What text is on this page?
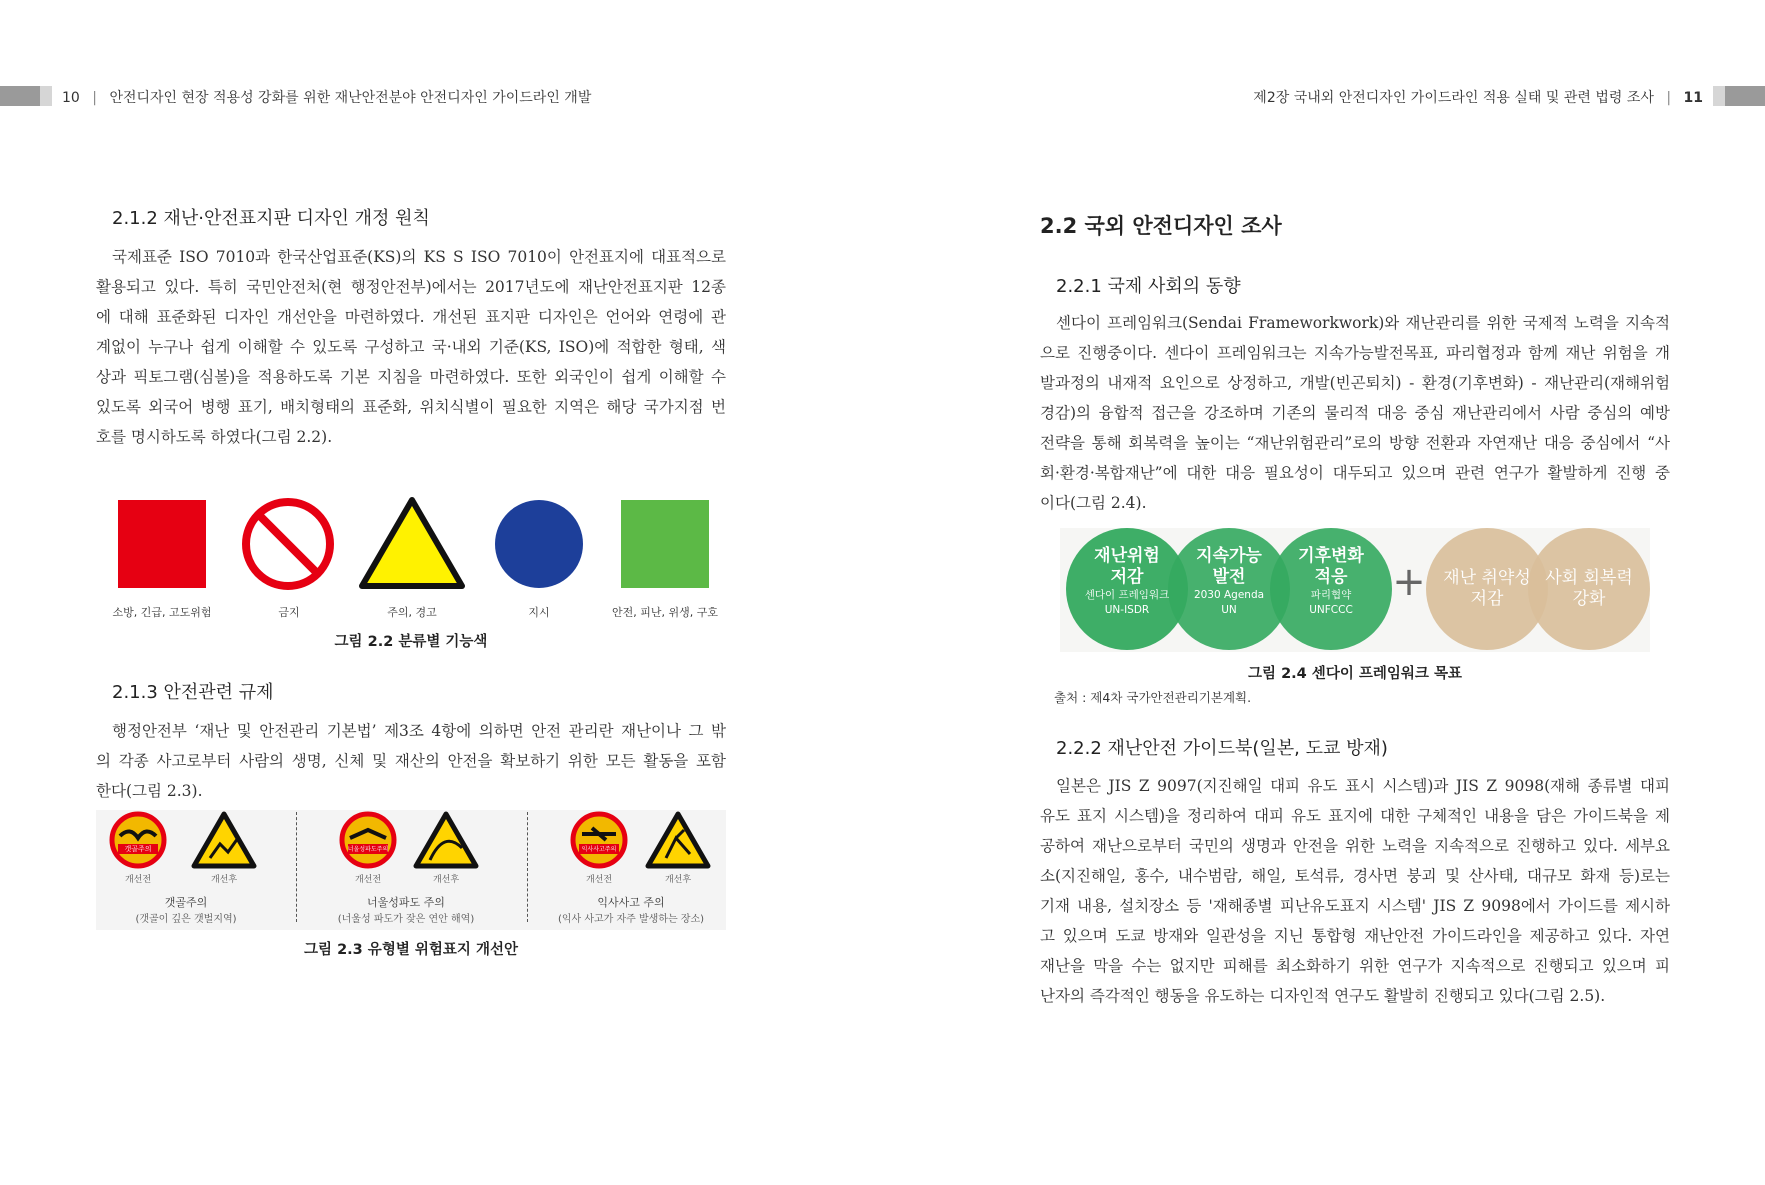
10 | 안전디자인 현장 적용성 강화를 위한 재난안전분야 안전디자인 가이드라인 개발	제2장 국내외 안전디자인 가이드라인 적용 실태 및 관련 법령 조사 | 11
2.1.2 재난·안전표지판 디자인 개정 원칙
국제표준 ISO 7010과 한국산업표준(KS)의 KS S ISO 7010이 안전표지에 대표적으로
활용되고 있다. 특히 국민안전처(현 행정안전부)에서는 2017년도에 재난안전표지판 12종
에 대해 표준화된 디자인 개선안을 마련하였다. 개선된 표지판 디자인은 언어와 연령에 관
계없이 누구나 쉽게 이해할 수 있도록 구성하고 국·내외 기준(KS, ISO)에 적합한 형태, 색
상과 픽토그램(심볼)을 적용하도록 기본 지침을 마련하였다. 또한 외국인이 쉽게 이해할 수
있도록 외국어 병행 표기, 배치형태의 표준화, 위치식별이 필요한 지역은 해당 국가지점 번
호를 명시하도록 하였다(그림 2.2).
소방, 긴급, 고도위험	금지	주의, 경고	지시	안전, 피난, 위생, 구호
그림 2.2 분류별 기능색
2.1.3 안전관련 규제
행정안전부 ‘재난 및 안전관리 기본법’ 제3조 4항에 의하면 안전 관리란 재난이나 그 밖
의 각종 사고로부터 사람의 생명, 신체 및 재산의 안전을 확보하기 위한 모든 활동을 포함
한다(그림 2.3).
갯골주의	너울성파도주의	익사사고주의
개선전	개선후	개선전	개선후	개선전	개선후
갯골주의
(갯골이 깊은 갯벌지역)
너울성파도 주의
(너울성 파도가 잦은 연안 해역)
익사사고 주의
(익사 사고가 자주 발생하는 장소)
그림 2.3 유형별 위험표지 개선안
2.2 국외 안전디자인 조사
2.2.1 국제 사회의 동향
센다이 프레임워크(Sendai Frameworkwork)와 재난관리를 위한 국제적 노력을 지속적
으로 진행중이다. 센다이 프레임워크는 지속가능발전목표, 파리협정과 함께 재난 위험을 개
발과정의 내재적 요인으로 상정하고, 개발(빈곤퇴치) - 환경(기후변화) - 재난관리(재해위험
경감)의 융합적 접근을 강조하며 기존의 물리적 대응 중심 재난관리에서 사람 중심의 예방
전략을 통해 회복력을 높이는 “재난위험관리”로의 방향 전환과 자연재난 대응 중심에서 “사
회·환경·복합재난”에 대한 대응 필요성이 대두되고 있으며 관련 연구가 활발하게 진행 중
이다(그림 2.4).
재난위험
저감
센다이 프레임워크
UN-ISDR
지속가능
발전
2030 Agenda
UN
기후변화
적응
파리협약
UNFCCC
+	재난 취약성
저감
사회 회복력
강화
그림 2.4 센다이 프레임워크 목표
출처 : 제4차 국가안전관리기본계획.
2.2.2 재난안전 가이드북(일본, 도쿄 방재)
일본은 JIS Z 9097(지진해일 대피 유도 표시 시스템)과 JIS Z 9098(재해 종류별 대피
유도 표지 시스템)을 정리하여 대피 유도 표지에 대한 구체적인 내용을 담은 가이드북을 제
공하여 재난으로부터 국민의 생명과 안전을 위한 노력을 지속적으로 진행하고 있다. 세부요
소(지진해일, 홍수, 내수범람, 해일, 토석류, 경사면 붕괴 및 산사태, 대규모 화재 등)로는
기재 내용, 설치장소 등 '재해종별 피난유도표지 시스템' JIS Z 9098에서 가이드를 제시하
고 있으며 도쿄 방재와 일관성을 지닌 통합형 재난안전 가이드라인을 제공하고 있다. 자연
재난을 막을 수는 없지만 피해를 최소화하기 위한 연구가 지속적으로 진행되고 있으며 피
난자의 즉각적인 행동을 유도하는 디자인적 연구도 활발히 진행되고 있다(그림 2.5).
